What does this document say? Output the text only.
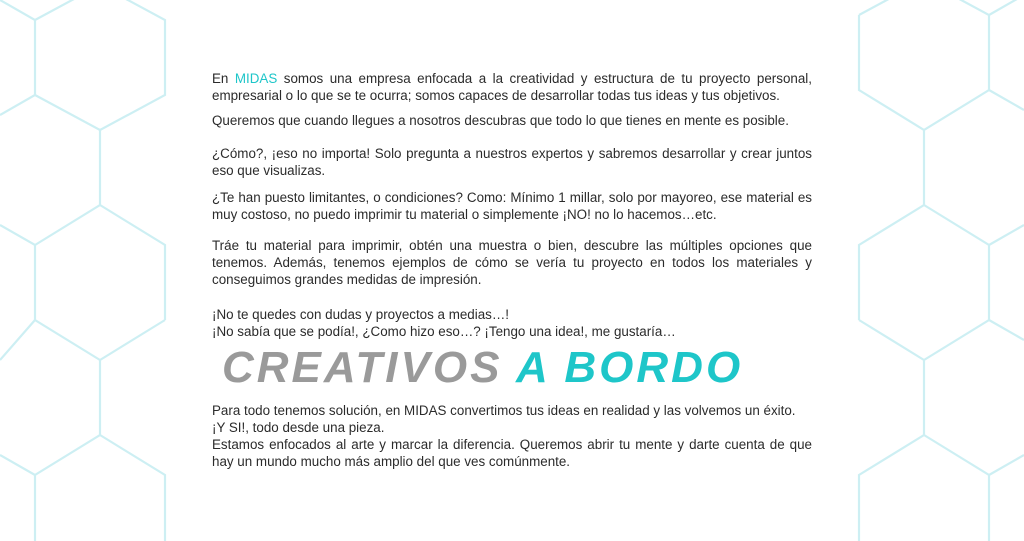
En MIDAS somos una empresa enfocada a la creatividad y estructura de tu proyecto personal, empresarial o lo que se te ocurra; somos capaces de desarrollar todas tus ideas y tus objetivos.

Queremos que cuando llegues a nosotros descubras que todo lo que tienes en mente es posible.

¿Cómo?, ¡eso no importa! Solo pregunta a nuestros expertos y sabremos desarrollar y crear juntos eso que visualizas.

¿Te han puesto limitantes, o condiciones? Como: Mínimo 1 millar, solo por mayoreo, ese material es muy costoso, no puedo imprimir tu material o simplemente ¡NO! no lo hacemos…etc.

Tráe tu material para imprimir, obtén una muestra o bien, descubre las múltiples opciones que tenemos. Además, tenemos ejemplos de cómo se vería tu proyecto en todos los materiales y conseguimos grandes medidas de impresión.

¡No te quedes con dudas y proyectos a medias…!

¡No sabía que se podía!, ¿Como hizo eso…? ¡Tengo una idea!, me gustaría…

CREATIVOS A BORDO

Para todo tenemos solución, en MIDAS convertimos tus ideas en realidad y las volvemos un éxito.

¡Y SI!, todo desde una pieza.

Estamos enfocados al arte y marcar la diferencia. Queremos abrir tu mente y darte cuenta de que hay un mundo mucho más amplio del que ves comúnmente.
